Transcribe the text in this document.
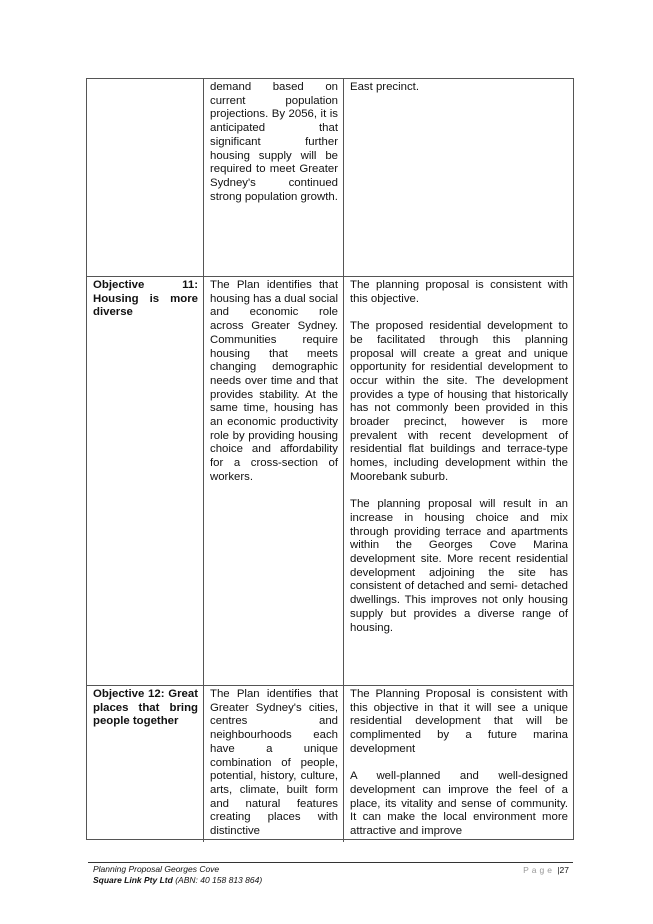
demand based on current population projections. By 2056, it is anticipated that significant further housing supply will be required to meet Greater Sydney's continued strong population growth.

East precinct.

Objective 11: Housing is more diverse

The Plan identifies that housing has a dual social and economic role across Greater Sydney. Communities require housing that meets changing demographic needs over time and that provides stability. At the same time, housing has an economic productivity role by providing housing choice and affordability for a cross-section of workers.

The planning proposal is consistent with this objective.

The proposed residential development to be facilitated through this planning proposal will create a great and unique opportunity for residential development to occur within the site. The development provides a type of housing that historically has not commonly been provided in this broader precinct, however is more prevalent with recent development of residential flat buildings and terrace-type homes, including development within the Moorebank suburb.

The planning proposal will result in an increase in housing choice and mix through providing terrace and apartments within the Georges Cove Marina development site. More recent residential development adjoining the site has consistent of detached and semi- detached dwellings. This improves not only housing supply but provides a diverse range of housing.

Objective 12: Great places that bring people together

The Plan identifies that Greater Sydney's cities, centres and neighbourhoods each have a unique combination of people, potential, history, culture, arts, climate, built form and natural features creating places with distinctive

The Planning Proposal is consistent with this objective in that it will see a unique residential development that will be complimented by a future marina development

A well-planned and well-designed development can improve the feel of a place, its vitality and sense of community. It can make the local environment more attractive and improve

Planning Proposal Georges Cove
Square Link Pty Ltd (ABN: 40 158 813 864)
Page |27
